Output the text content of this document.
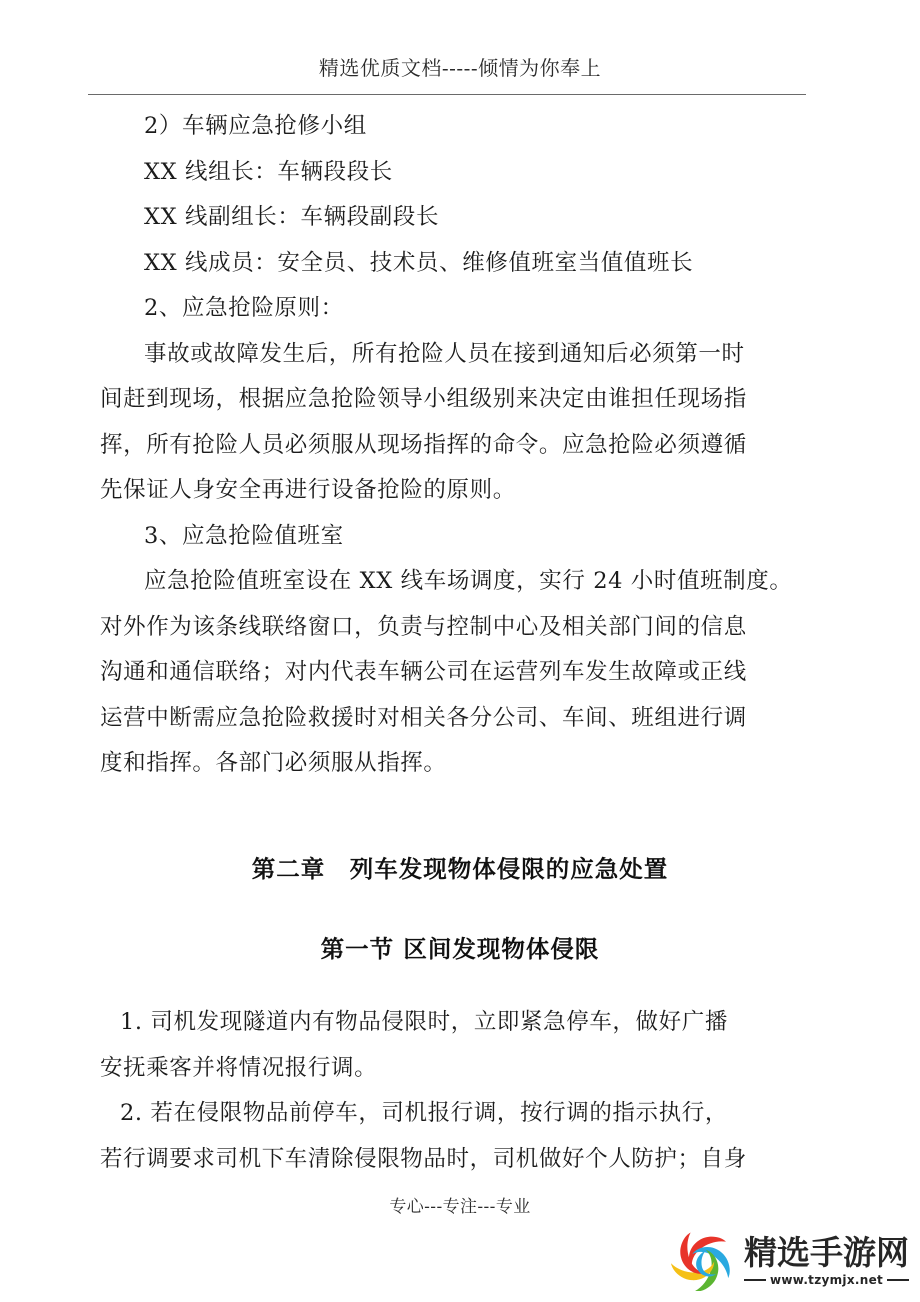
精选优质文档-----倾情为你奉上
2）车辆应急抢修小组
XX 线组长：车辆段段长
XX 线副组长：车辆段副段长
XX 线成员：安全员、技术员、维修值班室当值值班长
2、应急抢险原则：
事故或故障发生后，所有抢险人员在接到通知后必须第一时
间赶到现场，根据应急抢险领导小组级别来决定由谁担任现场指
挥，所有抢险人员必须服从现场指挥的命令。应急抢险必须遵循
先保证人身安全再进行设备抢险的原则。
3、应急抢险值班室
应急抢险值班室设在 XX 线车场调度，实行 24 小时值班制度。
对外作为该条线联络窗口，负责与控制中心及相关部门间的信息
沟通和通信联络；对内代表车辆公司在运营列车发生故障或正线
运营中断需应急抢险救援时对相关各分公司、车间、班组进行调
度和指挥。各部门必须服从指挥。
第二章　列车发现物体侵限的应急处置
第一节 区间发现物体侵限
1. 司机发现隧道内有物品侵限时，立即紧急停车，做好广播
安抚乘客并将情况报行调。
2. 若在侵限物品前停车，司机报行调，按行调的指示执行，
若行调要求司机下车清除侵限物品时，司机做好个人防护；自身
专心---专注---专业
精选手游网
www.tzymjx.net
